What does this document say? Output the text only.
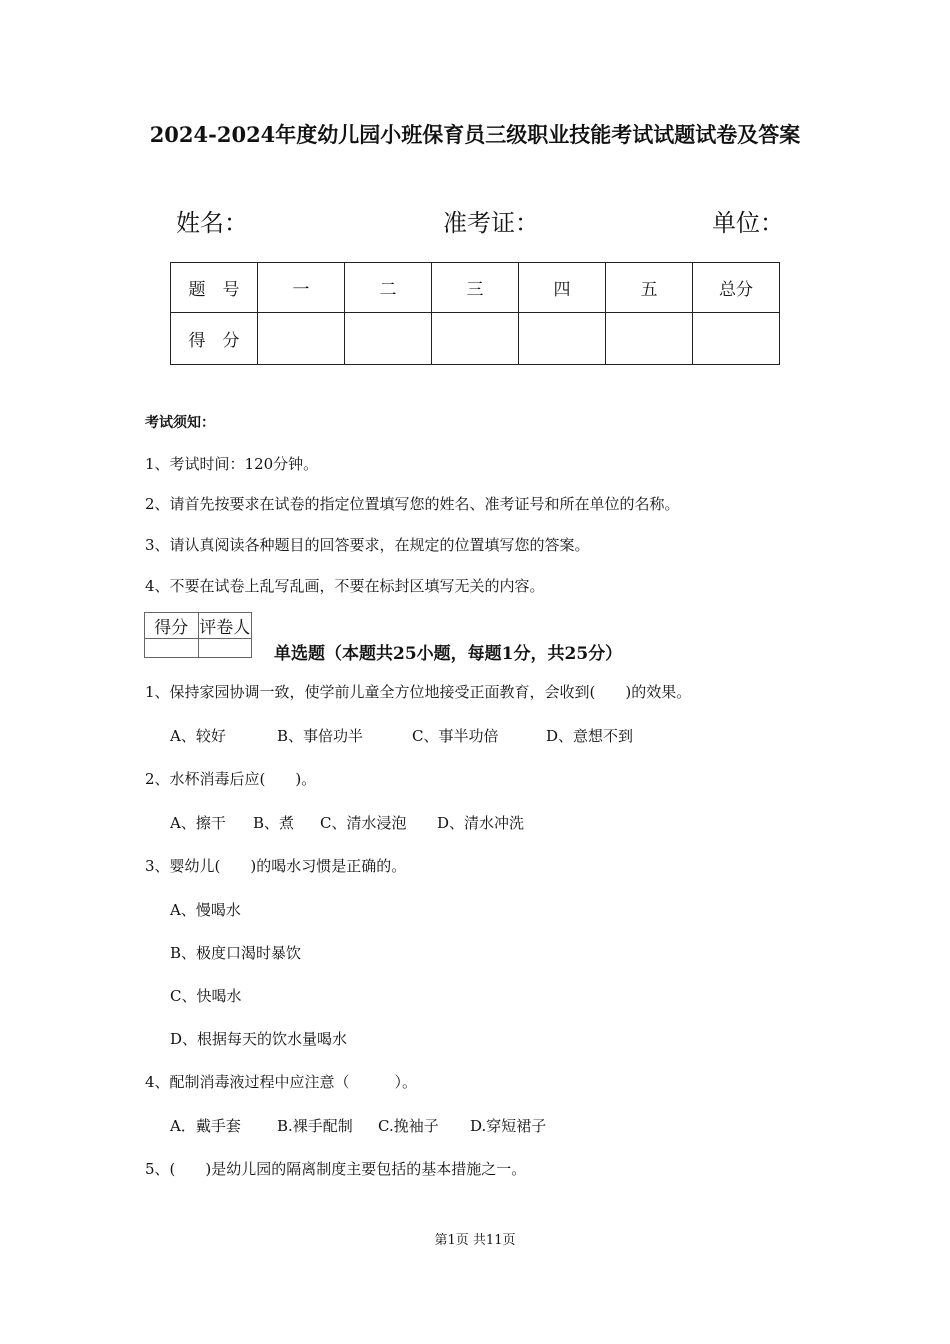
2024-2024年度幼儿园小班保育员三级职业技能考试试题试卷及答案
姓名：	准考证：	单位：
题　号	一	二	三	四	五	总分
得　分						
考试须知：
1、考试时间：120分钟。
2、请首先按要求在试卷的指定位置填写您的姓名、准考证号和所在单位的名称。
3、请认真阅读各种题目的回答要求，在规定的位置填写您的答案。
4、不要在试卷上乱写乱画，不要在标封区填写无关的内容。
得分	评卷人

单选题（本题共25小题，每题1分，共25分）
1、保持家园协调一致，使学前儿童全方位地接受正面教育，会收到(　　)的效果。
A、较好	B、事倍功半	C、事半功倍	D、意想不到
2、水杯消毒后应(　　)。
A、擦干 B、煮 C、清水浸泡 D、清水冲洗
3、婴幼儿(　　)的喝水习惯是正确的。
A、慢喝水
B、极度口渴时暴饮
C、快喝水
D、根据每天的饮水量喝水
4、配制消毒液过程中应注意（　　　）。
A．戴手套 B.裸手配制 C.挽袖子 D.穿短裙子
5、(　　)是幼儿园的隔离制度主要包括的基本措施之一。
第1页 共11页
